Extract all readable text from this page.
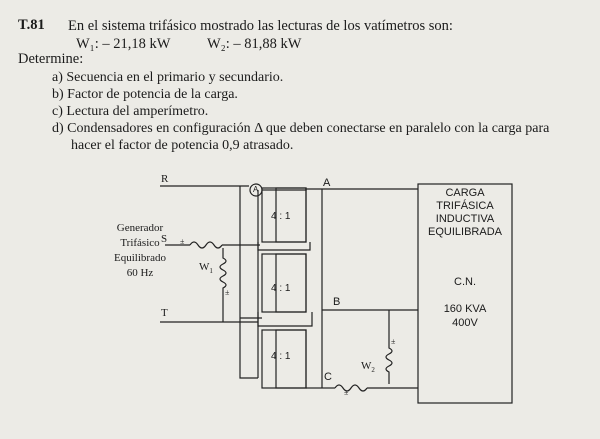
T.81 En el sistema trifásico mostrado las lecturas de los vatímetros son:
W₁: – 21,18 kW	W₂: – 81,88 kW
Determine:
a) Secuencia en el primario y secundario.
b) Factor de potencia de la carga.
c) Lectura del amperímetro.
d) Condensadores en configuración Δ que deben conectarse en paralelo con la carga para
hacer el factor de potencia 0,9 atrasado.
R
S
T
Generador
Trifásico
Equilibrado
60 Hz
A
A
B
C
$W_1$
$W_2$
±
±
±
±
4 : 1
4 : 1
4 : 1
CARGA
TRIFÁSICA
INDUCTIVA
EQUILIBRADA
C.N.
160 KVA
400V
